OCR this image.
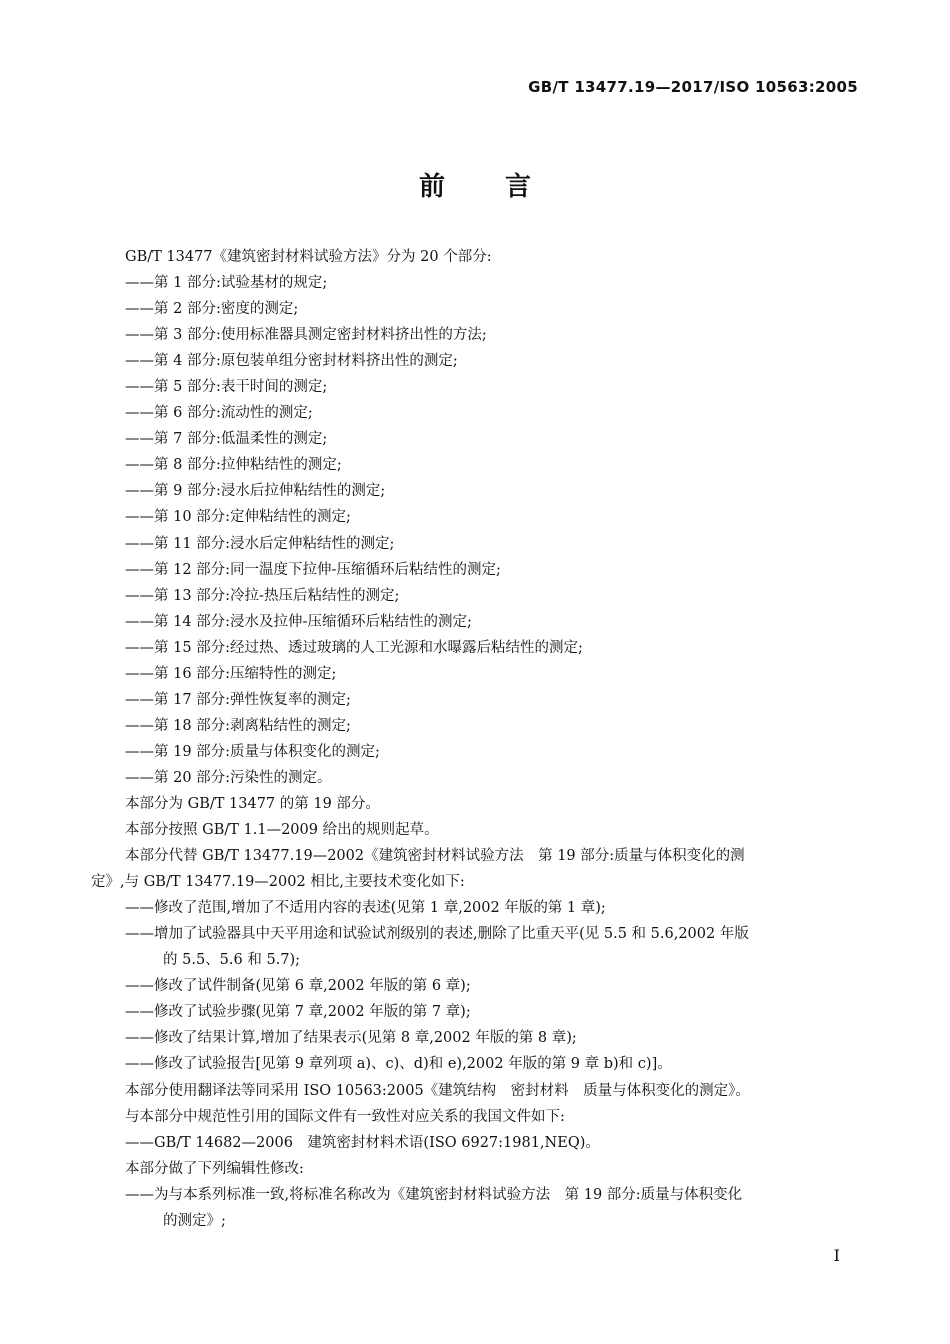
GB/T 13477.19—2017/ISO 10563:2005
前言
GB/T 13477《建筑密封材料试验方法》分为 20 个部分:
——第 1 部分:试验基材的规定;
——第 2 部分:密度的测定;
——第 3 部分:使用标准器具测定密封材料挤出性的方法;
——第 4 部分:原包装单组分密封材料挤出性的测定;
——第 5 部分:表干时间的测定;
——第 6 部分:流动性的测定;
——第 7 部分:低温柔性的测定;
——第 8 部分:拉伸粘结性的测定;
——第 9 部分:浸水后拉伸粘结性的测定;
——第 10 部分:定伸粘结性的测定;
——第 11 部分:浸水后定伸粘结性的测定;
——第 12 部分:同一温度下拉伸-压缩循环后粘结性的测定;
——第 13 部分:冷拉-热压后粘结性的测定;
——第 14 部分:浸水及拉伸-压缩循环后粘结性的测定;
——第 15 部分:经过热、透过玻璃的人工光源和水曝露后粘结性的测定;
——第 16 部分:压缩特性的测定;
——第 17 部分:弹性恢复率的测定;
——第 18 部分:剥离粘结性的测定;
——第 19 部分:质量与体积变化的测定;
——第 20 部分:污染性的测定。
本部分为 GB/T 13477 的第 19 部分。
本部分按照 GB/T 1.1—2009 给出的规则起草。
本部分代替 GB/T 13477.19—2002《建筑密封材料试验方法　第 19 部分:质量与体积变化的测
定》,与 GB/T 13477.19—2002 相比,主要技术变化如下:
——修改了范围,增加了不适用内容的表述(见第 1 章,2002 年版的第 1 章);
——增加了试验器具中天平用途和试验试剂级别的表述,删除了比重天平(见 5.5 和 5.6,2002 年版
的 5.5、5.6 和 5.7);
——修改了试件制备(见第 6 章,2002 年版的第 6 章);
——修改了试验步骤(见第 7 章,2002 年版的第 7 章);
——修改了结果计算,增加了结果表示(见第 8 章,2002 年版的第 8 章);
——修改了试验报告[见第 9 章列项 a)、c)、d)和 e),2002 年版的第 9 章 b)和 c)]。
本部分使用翻译法等同采用 ISO 10563:2005《建筑结构　密封材料　质量与体积变化的测定》。
与本部分中规范性引用的国际文件有一致性对应关系的我国文件如下:
——GB/T 14682—2006　建筑密封材料术语(ISO 6927:1981,NEQ)。
本部分做了下列编辑性修改:
——为与本系列标准一致,将标准名称改为《建筑密封材料试验方法　第 19 部分:质量与体积变化
的测定》;
I
